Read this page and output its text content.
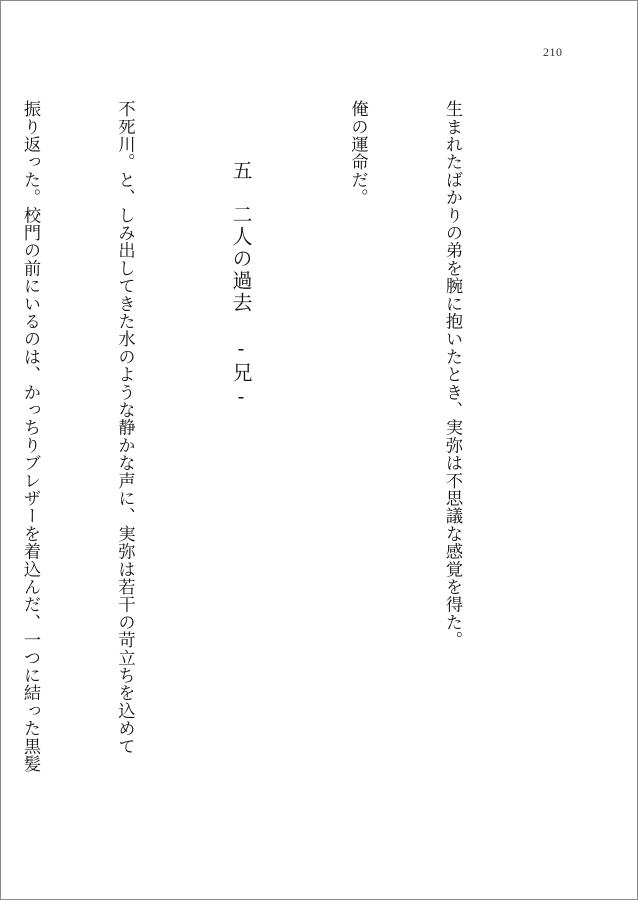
210

生まれたばかりの弟を腕に抱いたとき、実弥は不思議な感覚を得た。

俺の運命だ。

五　二人の過去　‐兄‐

不死川。と、しみ出してきた水のような静かな声に、実弥は若干の苛立ちを込めて

振り返った。校門の前にいるのは、かっちりブレザーを着込んだ、一つに結った黒髪
